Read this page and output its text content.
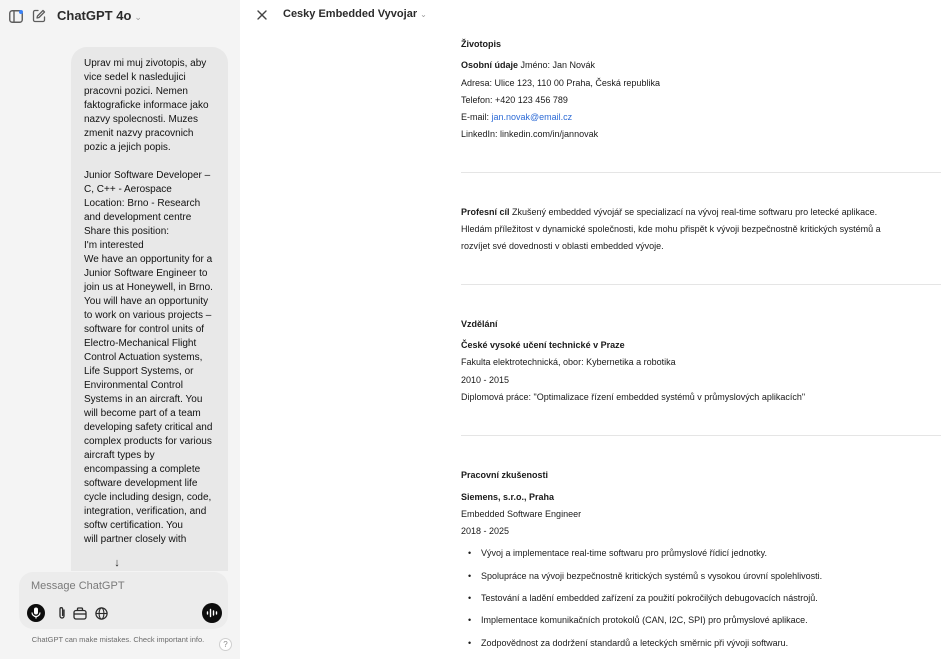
ChatGPT 4o ⌄
Uprav mi muj zivotopis, aby
vice sedel k nasledujici
pracovni pozici. Nemen
faktograficke informace jako
nazvy spolecnosti. Muzes
zmenit nazvy pracovnich
pozic a jejich popis.
Junior Software Developer –
C, C++ - Aerospace
Location: Brno - Research
and development centre
Share this position:
I'm interested
We have an opportunity for a
Junior Software Engineer to
join us at Honeywell, in Brno.
You will have an opportunity
to work on various projects –
software for control units of
Electro-Mechanical Flight
Control Actuation systems,
Life Support Systems, or
Environmental Control
Systems in an aircraft. You
will become part of a team
developing safety critical and
complex products for various
aircraft types by
encompassing a complete
software development life
cycle including design, code,
integration, verification, and
softw certification. You
will partner closely with
↓
Message ChatGPT
ChatGPT can make mistakes. Check important info.
?
Cesky Embedded Vyvojar ⌄
Životopis
Osobní údaje Jméno: Jan Novák
Adresa: Ulice 123, 110 00 Praha, Česká republika
Telefon: +420 123 456 789
E-mail: jan.novak@email.cz
LinkedIn: linkedin.com/in/jannovak
Profesní cíl Zkušený embedded vývojář se specializací na vývoj real-time softwaru pro letecké aplikace.
Hledám příležitost v dynamické společnosti, kde mohu přispět k vývoji bezpečnostně kritických systémů a
rozvíjet své dovednosti v oblasti embedded vývoje.
Vzdělání
České vysoké učení technické v Praze
Fakulta elektrotechnická, obor: Kybernetika a robotika
2010 - 2015
Diplomová práce: "Optimalizace řízení embedded systémů v průmyslových aplikacích"
Pracovní zkušenosti
Siemens, s.r.o., Praha
Embedded Software Engineer
2018 - 2025
• Vývoj a implementace real-time softwaru pro průmyslové řídicí jednotky.
• Spolupráce na vývoji bezpečnostně kritických systémů s vysokou úrovní spolehlivosti.
• Testování a ladění embedded zařízení za použití pokročilých debugovacích nástrojů.
• Implementace komunikačních protokolů (CAN, I2C, SPI) pro průmyslové aplikace.
• Zodpovědnost za dodržení standardů a leteckých směrnic při vývoji softwaru.
